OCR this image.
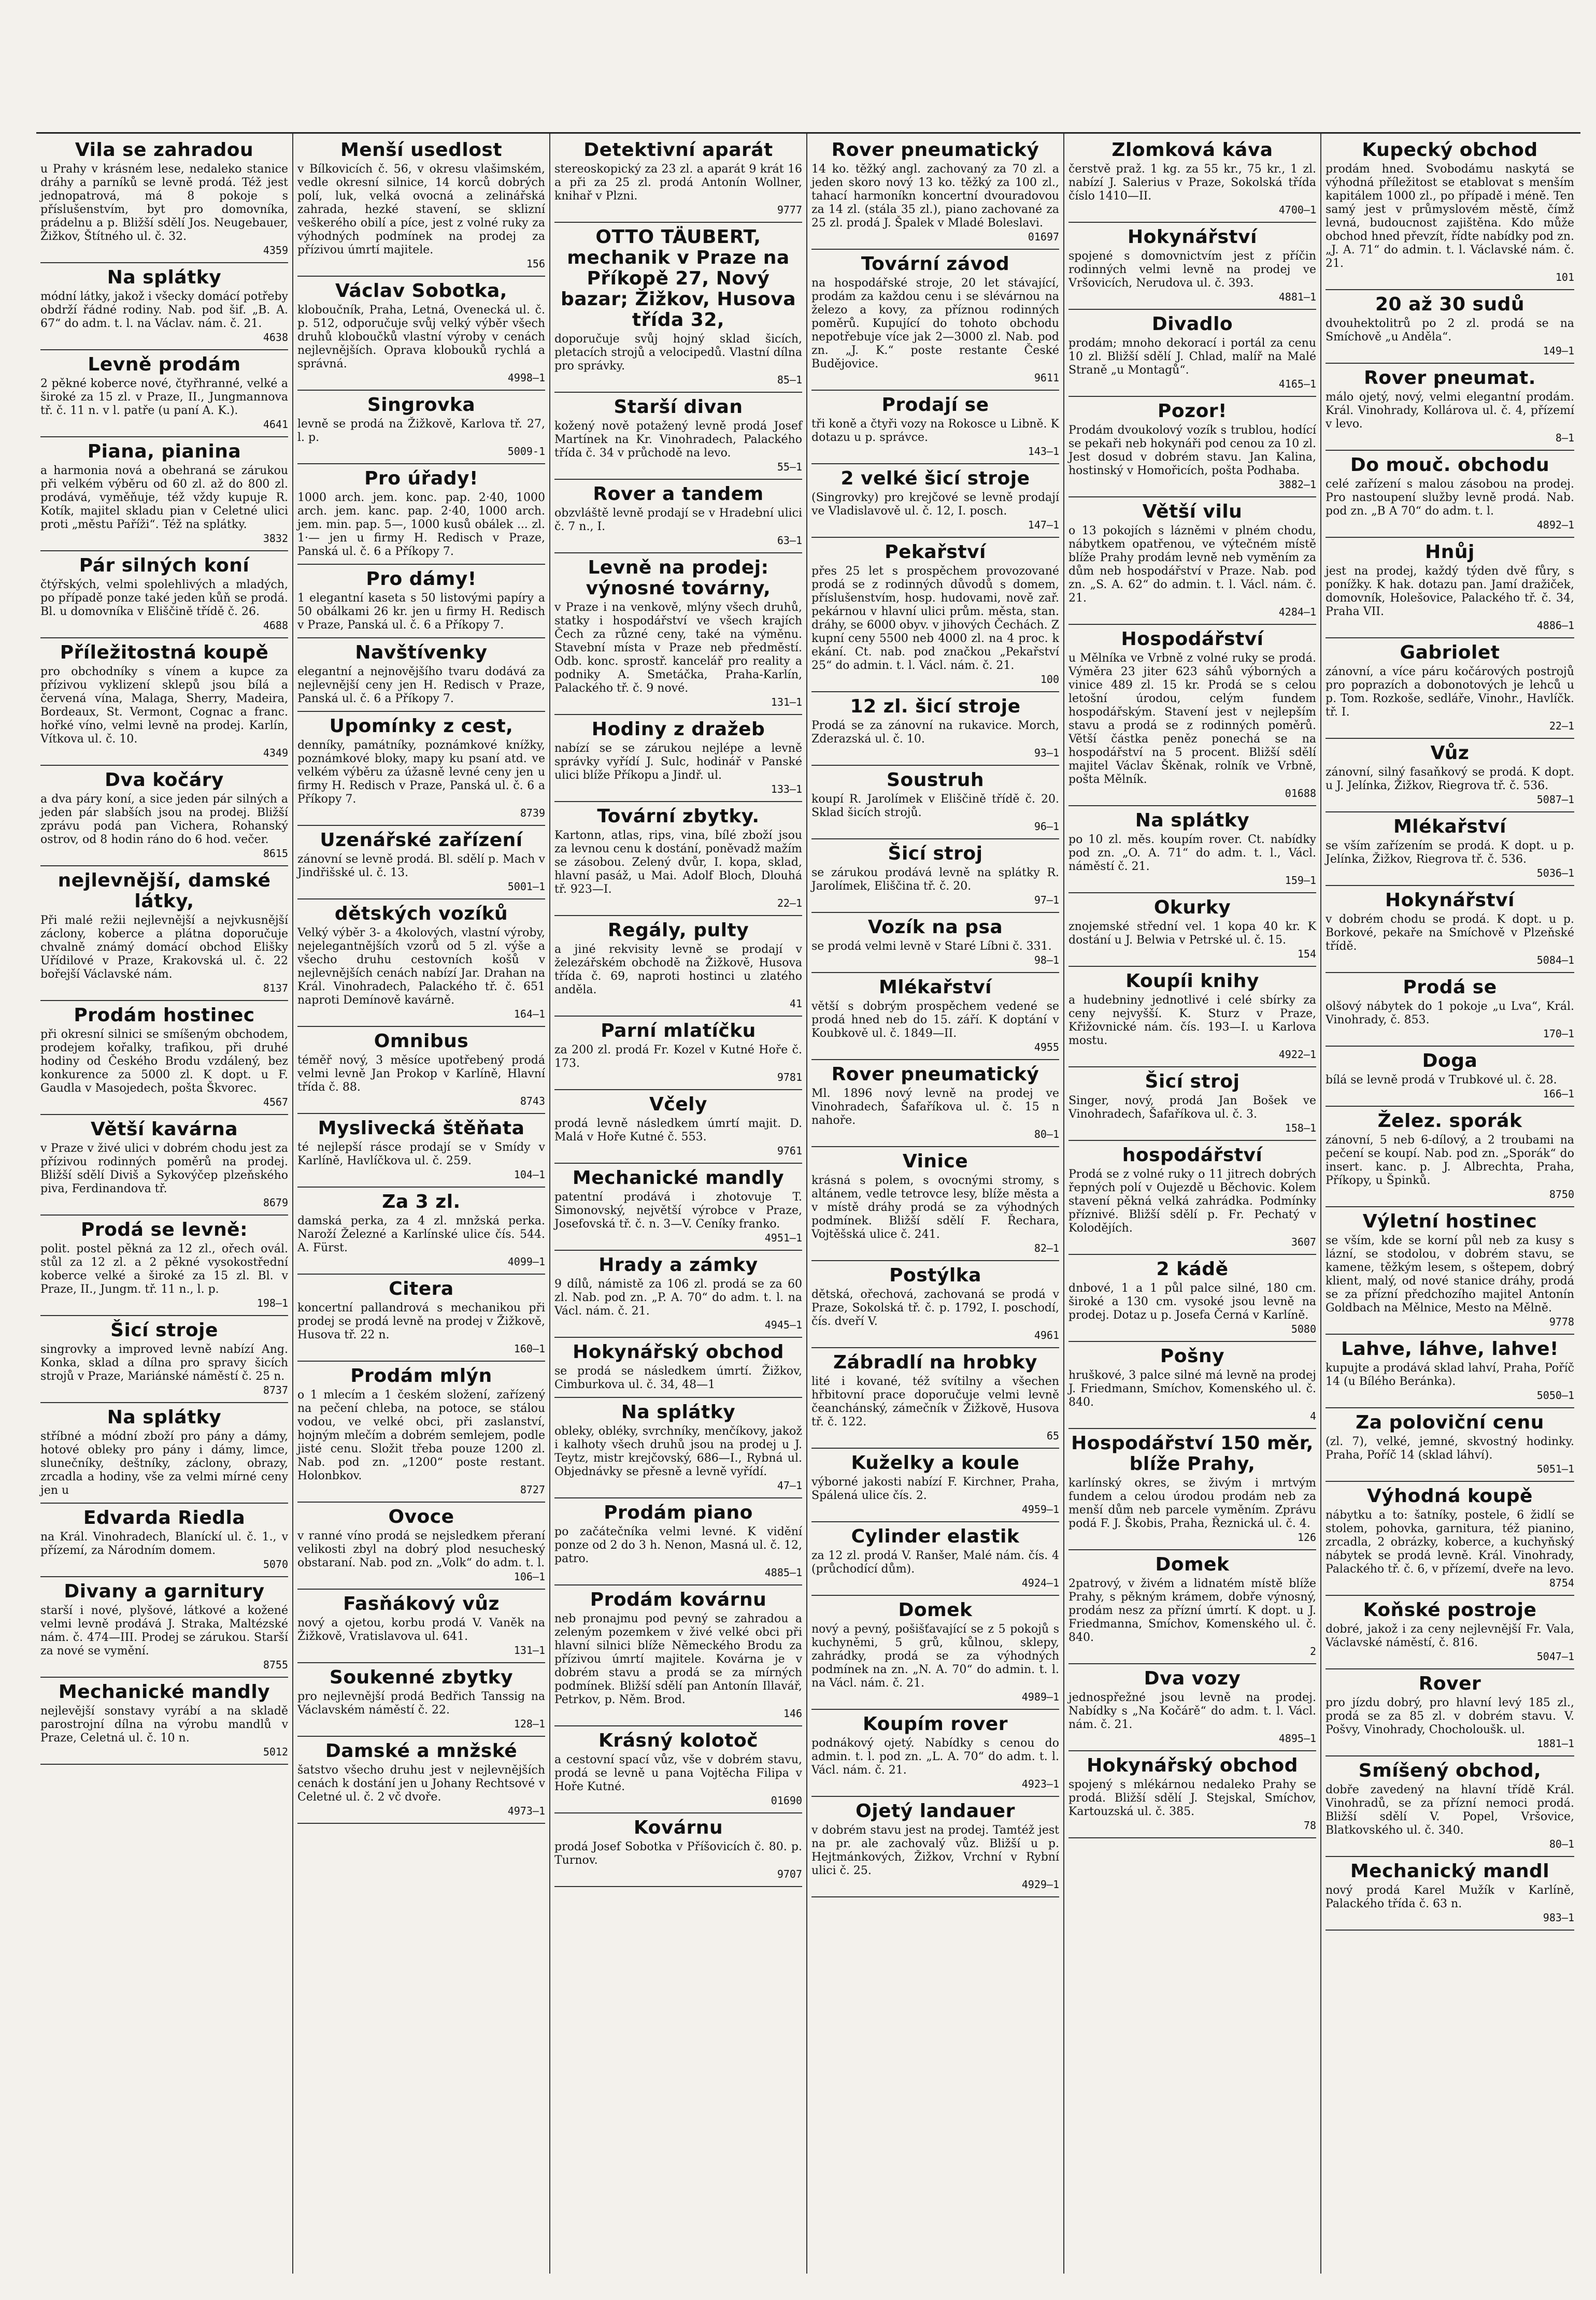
Vila se zahradou

u Prahy v krásném lese, nedaleko stanice dráhy a parníků se levně prodá. Též jest jednopatrová, má 8 pokoje s příslušenstvím, byt pro domovníka, prádelnu a p. Bližší sdělí Jos. Neugebauer, Žižkov, Štítného ul. č. 32.

4359

Na splátky

módní látky, jakož i všecky domácí potřeby obdrží řádné rodiny. Nab. pod šif. „B. A. 67“ do adm. t. l. na Václav. nám. č. 21.

4638

Levně prodám

2 pěkné koberce nové, čtyřhranné, velké a široké za 15 zl. v Praze, II., Jungmannova tř. č. 11 n. v l. patře (u paní A. K.).

4641

Piana, pianina

a harmonia nová a obehraná se zárukou při velkém výběru od 60 zl. až do 800 zl. prodává, vyměňuje, též vždy kupuje R. Kotík, majitel skladu pian v Celetné ulici proti „městu Paříži“. Též na splátky.

3832

Pár silných koní

čtýřských, velmi spolehlivých a mladých, po případě ponze také jeden kůň se prodá. Bl. u domovníka v Eliščině třídě č. 26.

4688

Příležitostná koupě

pro obchodníky s vínem a kupce za přízivou vyklizení sklepů jsou bílá a červená vína, Malaga, Sherry, Madeira, Bordeaux, St. Vermont, Cognac a franc. hořké víno, velmi levně na prodej. Karlín, Vítkova ul. č. 10.

4349

Dva kočáry

a dva páry koní, a sice jeden pár silných a jeden pár slabších jsou na prodej. Bližší zprávu podá pan Vichera, Rohanský ostrov, od 8 hodin ráno do 6 hod. večer.

8615

nejlevnější, damské látky,

Při malé režii nejlevnější a nejvkusnější záclony, koberce a plátna doporučuje chvalně známý domácí obchod Elišky Uřídilové v Praze, Krakovská ul. č. 22 bořejší Václavské nám.

8137

Prodám hostinec

při okresní silnici se smíšeným obchodem, prodejem kořalky, trafikou, při druhé hodiny od Českého Brodu vzdálený, bez konkurence za 5000 zl. K dopt. u F. Gaudla v Masojedech, pošta Škvorec.

4567

Větší kavárna

v Praze v živé ulici v dobrém chodu jest za přízivou rodinných poměrů na prodej. Bližší sdělí Diviš a Sykovýčep plzeňského piva, Ferdinandova tř.

8679

Prodá se levně:

polit. postel pěkná za 12 zl., ořech ovál. stůl za 12 zl. a 2 pěkné vysokostřední koberce velké a široké za 15 zl. Bl. v Praze, II., Jungm. tř. 11 n., l. p.

198—1

Šicí stroje

singrovky a improved levně nabízí Ang. Konka, sklad a dílna pro spravy šicích strojů v Praze, Mariánské náměstí č. 25 n.

8737

Na splátky

stříbné a módní zboží pro pány a dámy, hotové obleky pro pány i dámy, limce, slunečníky, deštníky, záclony, obrazy, zrcadla a hodiny, vše za velmi mírné ceny jen u

Edvarda Riedla

na Král. Vinohradech, Blaníckí ul. č. 1., v přízemí, za Národním domem.

5070

Divany a garnitury

starší i nové, plyšové, látkové a kožené velmi levně prodává J. Straka, Maltézské nám. č. 474—III. Prodej se zárukou. Starší za nové se vymění.

8755

Mechanické mandly

nejlevější sonstavy vyrábí a na skladě parostrojní dílna na výrobu mandlů v Praze, Celetná ul. č. 10 n.

5012

Menší usedlost

v Bílkovicích č. 56, v okresu vlašimském, vedle okresní silnice, 14 korců dobrých polí, luk, velká ovocná a zelinářská zahrada, hezké stavení, se sklizní veškerého obilí a píce, jest z volné ruky za výhodných podmínek na prodej za přízivou úmrtí majitele.

156

Václav Sobotka,

kloboučník, Praha, Letná, Ovenecká ul. č. p. 512, odporučuje svůj velký výběr všech druhů kloboučků vlastní výroby v cenách nejlevnějších. Oprava klobouků rychlá a správná.

4998—1

Singrovka

levně se prodá na Žižkově, Karlova tř. 27, l. p.

5009-1

Pro úřady!

1000 arch. jem. konc. pap. 2·40, 1000 arch. jem. kanc. pap. 2·40, 1000 arch. jem. min. pap. 5—, 1000 kusů obálek ... zl. 1·— jen u firmy H. Redisch v Praze, Panská ul. č. 6 a Příkopy 7.

Pro dámy!

1 elegantní kaseta s 50 listovými papíry a 50 obálkami 26 kr. jen u firmy H. Redisch v Praze, Panská ul. č. 6 a Příkopy 7.

Navštívenky

elegantní a nejnovějšího tvaru dodává za nejlevnější ceny jen H. Redisch v Praze, Panská ul. č. 6 a Příkopy 7.

Upomínky z cest,

denníky, památníky, poznámkové knížky, poznámkové bloky, mapy ku psaní atd. ve velkém výběru za úžasně levné ceny jen u firmy H. Redisch v Praze, Panská ul. č. 6 a Příkopy 7.

8739

Uzenářské zařízení

zánovní se levně prodá. Bl. sdělí p. Mach v Jindřišské ul. č. 13.

5001—1

dětských vozíků

Velký výběr 3- a 4kolových, vlastní výroby, nejelegantnějších vzorů od 5 zl. výše a všecho druhu cestovních košů v nejlevnějších cenách nabízí Jar. Drahan na Král. Vinohradech, Palackého tř. č. 651 naproti Demínově kavárně.

164—1

Omnibus

téměř nový, 3 měsíce upotřebený prodá velmi levně Jan Prokop v Karlíně, Hlavní třída č. 88.

8743

Myslivecká štěňata

té nejlepší rásce prodají se v Smídy v Karlíně, Havlíčkova ul. č. 259.

104—1

Za 3 zl.

damská perka, za 4 zl. mnžská perka. Naroží Železné a Karlínské ulice čís. 544. A. Fürst.

4099—1

Citera

koncertní pallandrová s mechanikou při prodej se prodá levně na prodej v Žižkově, Husova tř. 22 n.

160—1

Prodám mlýn

o 1 mlecím a 1 českém složení, zařízený na pečení chleba, na potoce, se stálou vodou, ve velké obci, při zaslanství, hojným mlečím a dobrém semlejem, podle jisté cenu. Složit třeba pouze 1200 zl. Nab. pod zn. „1200“ poste restant. Holonbkov.

8727

Ovoce

v ranné víno prodá se nejsledkem přeraní velikosti zbyl na dobrý plod nesucheský obstaraní. Nab. pod zn. „Volk“ do adm. t. l.

106—1

Fasňákový vůz

nový a ojetou, korbu prodá V. Vaněk na Žižkově, Vratislavova ul. 641.

131—1

Soukenné zbytky

pro nejlevnější prodá Bedřich Tanssig na Václavském náměstí č. 22.

128—1

Damské a mnžské

šatstvo všecho druhu jest v nejlevnějších cenách k dostání jen u Johany Rechtsové v Celetné ul. č. 2 vč dvoře.

4973—1

Detektivní aparát

stereoskopický za 23 zl. a aparát 9 krát 16 a při za 25 zl. prodá Antonín Wollner, knihař v Plzni.

9777

OTTO TÄUBERT, mechanik v Praze na Příkopě 27, Nový bazar; Žižkov, Husova třída 32,

doporučuje svůj hojný sklad šicích, pletacích strojů a velocipedů. Vlastní dílna pro správky.

85—1

Starší divan

kožený nově potažený levně prodá Josef Martínek na Kr. Vinohradech, Palackého třída č. 34 v průchodě na levo.

55—1

Rover a tandem

obzvláště levně prodají se v Hradební ulici č. 7 n., I.

63—1

Levně na prodej: výnosné továrny,

v Praze i na venkově, mlýny všech druhů, statky i hospodářství ve všech krajích Čech za různé ceny, také na výměnu. Stavební místa v Praze neb předměstí. Odb. konc. sprostř. kancelář pro reality a podniky A. Smetáčka, Praha-Karlín, Palackého tř. č. 9 nové.

131—1

Hodiny z dražeb

nabízí se se zárukou nejlépe a levně správky vyřídí J. Sulc, hodinář v Panské ulici blíže Příkopu a Jindř. ul.

133—1

Tovární zbytky.

Kartonn, atlas, rips, vina, bílé zboží jsou za levnou cenu k dostání, poněvadž mažím se zásobou. Zelený dvůr, I. kopa, sklad, hlavní pasáž, u Mai. Adolf Bloch, Dlouhá tř. 923—I.

22—1

Regály, pulty

a jiné rekvisity levně se prodají v železářském obchodě na Žižkově, Husova třída č. 69, naproti hostinci u zlatého anděla.

41

Parní mlatíčku

za 200 zl. prodá Fr. Kozel v Kutné Hoře č. 173.

9781

Včely

prodá levně následkem úmrtí majit. D. Malá v Hoře Kutné č. 553.

9761

Mechanické mandly

patentní prodává i zhotovuje T. Simonovský, největší výrobce v Praze, Josefovská tř. č. n. 3—V. Ceníky franko.

4951—1

Hrady a zámky

9 dílů, námistě za 106 zl. prodá se za 60 zl. Nab. pod zn. „P. A. 70“ do adm. t. l. na Václ. nám. č. 21.

4945—1

Hokynářský obchod

se prodá se následkem úmrtí. Žižkov, Cimburkova ul. č. 34, 48—1

Na splátky

obleky, obléky, svrchníky, menčíkovy, jakož i kalhoty všech druhů jsou na prodej u J. Teytz, mistr krejčovský, 686—I., Rybná ul. Objednávky se přesně a levně vyřídí.

47—1

Prodám piano

po začátečníka velmi levné. K vidění ponze od 2 do 3 h. Nenon, Masná ul. č. 12, patro.

4885—1

Prodám kovárnu

neb pronajmu pod pevný se zahradou a zeleným pozemkem v živé velké obci při hlavní silnici blíže Německého Brodu za přízivou úmrtí majitele. Kovárna je v dobrém stavu a prodá se za mírných podmínek. Bližší sdělí pan Antonín Illavář, Petrkov, p. Něm. Brod.

146

Krásný kolotoč

a cestovní spací vůz, vše v dobrém stavu, prodá se levně u pana Vojtěcha Filipa v Hoře Kutné.

01690

Kovárnu

prodá Josef Sobotka v Příšovicích č. 80. p. Turnov.

9707

Rover pneumatický

14 ko. těžký angl. zachovaný za 70 zl. a jeden skoro nový 13 ko. těžký za 100 zl., tahací harmoníkn koncertní dvouradovou za 14 zl. (stála 35 zl.), piano zachované za 25 zl. prodá J. Špalek v Mladé Boleslavi.

01697

Tovární závod

na hospodářské stroje, 20 let stávající, prodám za každou cenu i se slévárnou na železo a kovy, za příznou rodinných poměrů. Kupující do tohoto obchodu nepotřebuje více jak 2—3000 zl. Nab. pod zn. „J. K.“ poste restante České Budějovice.

9611

Prodají se

tři koně a čtyři vozy na Rokosce u Libně. K dotazu u p. správce.

143—1

2 velké šicí stroje

(Singrovky) pro krejčové se levně prodají ve Vladislavově ul. č. 12, I. posch.

147—1

Pekařství

přes 25 let s prospěchem provozované prodá se z rodinných důvodů s domem, příslušenstvím, hosp. hudovami, nově zař. pekárnou v hlavní ulici prům. města, stan. dráhy, se 6000 obyv. v jihových Čechách. Z kupní ceny 5500 neb 4000 zl. na 4 proc. k ekání. Ct. nab. pod značkou „Pekařství 25“ do admin. t. l. Václ. nám. č. 21.

100

12 zl. šicí stroje

Prodá se za zánovní na rukavice. Morch, Zderazská ul. č. 10.

93—1

Soustruh

koupí R. Jarolímek v Eliščině třídě č. 20. Sklad šicích strojů.

96—1

Šicí stroj

se zárukou prodává levně na splátky R. Jarolímek, Eliščina tř. č. 20.

97—1

Vozík na psa

se prodá velmi levně v Staré Líbni č. 331.

98—1

Mlékařství

větší s dobrým prospěchem vedené se prodá hned neb do 15. září. K doptání v Koubkově ul. č. 1849—II.

4955

Rover pneumatický

Ml. 1896 nový levně na prodej ve Vinohradech, Šafaříkova ul. č. 15 n nahoře.

80—1

Vinice

krásná s polem, s ovocnými stromy, s altánem, vedle tetrovce lesy, blíže města a v místě dráhy prodá se za výhodných podmínek. Bližší sdělí F. Řechara, Vojtěšská ulice č. 241.

82—1

Postýlka

dětská, ořechová, zachovaná se prodá v Praze, Sokolská tř. č. p. 1792, I. poschodí, čís. dveří V.

4961

Zábradlí na hrobky

lité i kované, též svítilny a všechen hřbitovní prace doporučuje velmi levně čeanchánský, zámečník v Žižkově, Husova tř. č. 122.

65

Kuželky a koule

výborné jakosti nabízí F. Kirchner, Praha, Spálená ulice čís. 2.

4959—1

Cylinder elastik

za 12 zl. prodá V. Ranšer, Malé nám. čís. 4 (průchodící dům).

4924—1

Domek

nový a pevný, pošišťavající se z 5 pokojů s kuchyněmi, 5 grů, kůlnou, sklepy, zahrádky, prodá se za výhodných podmínek na zn. „N. A. 70“ do admin. t. l. na Václ. nám. č. 21.

4989—1

Koupím rover

podnákový ojetý. Nabídky s cenou do admin. t. l. pod zn. „L. A. 70“ do adm. t. l. Václ. nám. č. 21.

4923—1

Ojetý landauer

v dobrém stavu jest na prodej. Tamtéž jest na pr. ale zachovalý vůz. Bližší u p. Hejtmánkových, Žižkov, Vrchní v Rybní ulici č. 25.

4929—1

Zlomková káva

čerstvě praž. 1 kg. za 55 kr., 75 kr., 1 zl. nabízí J. Salerius v Praze, Sokolská třída číslo 1410—II.

4700—1

Hokynářství

spojené s domovnictvím jest z příčin rodinných velmi levně na prodej ve Vršovicích, Nerudova ul. č. 393.

4881—1

Divadlo

prodám; mnoho dekorací i portál za cenu 10 zl. Bližší sdělí J. Chlad, malíř na Malé Straně „u Montagů“.

4165—1

Pozor!

Prodám dvoukolový vozík s trublou, hodící se pekaři neb hokynáři pod cenou za 10 zl. Jest dosud v dobrém stavu. Jan Kalina, hostinský v Homořicích, pošta Podhaba.

3882—1

Větší vilu

o 13 pokojích s lázněmi v plném chodu, nábytkem opatřenou, ve výtečném místě blíže Prahy prodám levně neb vyměním za dům neb hospodářství v Praze. Nab. pod zn. „S. A. 62“ do admin. t. l. Václ. nám. č. 21.

4284—1

Hospodářství

u Mělníka ve Vrbně z volné ruky se prodá. Výměra 23 jiter 623 sáhů výborných a vinice 489 zl. 15 kr. Prodá se s celou letošní úrodou, celým fundem hospodářským. Stavení jest v nejlepším stavu a prodá se z rodinných poměrů. Větší částka peněz ponechá se na hospodářství na 5 procent. Bližší sdělí majitel Václav Škěnak, rolník ve Vrbně, pošta Mělník.

01688

Na splátky

po 10 zl. měs. koupím rover. Ct. nabídky pod zn. „O. A. 71“ do adm. t. l., Václ. náměstí č. 21.

159—1

Okurky

znojemské střední vel. 1 kopa 40 kr. K dostání u J. Belwia v Petrské ul. č. 15.

154

Koupíi knihy

a hudebniny jednotlivé i celé sbírky za ceny nejvyšší. K. Sturz v Praze, Křižovnické nám. čís. 193—I. u Karlova mostu.

4922—1

Šicí stroj

Singer, nový, prodá Jan Bošek ve Vinohradech, Šafaříkova ul. č. 3.

158—1

hospodářství

Prodá se z volné ruky o 11 jitrech dobrých řepných polí v Oujezdě u Běchovic. Kolem stavení pěkná velká zahrádka. Podmínky příznivé. Bližší sdělí p. Fr. Pechatý v Kolodějích.

3607

2 kádě

dnbové, 1 a 1 půl palce silné, 180 cm. široké a 130 cm. vysoké jsou levně na prodej. Dotaz u p. Josefa Černá v Karlíně.

5080

Pošny

hruškové, 3 palce silné má levně na prodej J. Friedmann, Smíchov, Komenského ul. č. 840.

4

Hospodářství 150 měr, blíže Prahy,

karlínský okres, se živým i mrtvým fundem a celou úrodou prodám neb za menší dům neb parcele vyměním. Zprávu podá F. J. Škobis, Praha, Řeznická ul. č. 4.

126

Domek

2patrový, v živém a lidnatém místě blíže Prahy, s pěkným krámem, dobře výnosný, prodám nesz za přízní úmrtí. K dopt. u J. Friedmanna, Smíchov, Komenského ul. č. 840.

2

Dva vozy

jednospřežné jsou levně na prodej. Nabídky s „Na Kočárě“ do adm. t. l. Václ. nám. č. 21.

4895—1

Hokynářský obchod

spojený s mlékárnou nedaleko Prahy se prodá. Bližší sdělí J. Stejskal, Smíchov, Kartouzská ul. č. 385.

78

Kupecký obchod

prodám hned. Svobodámu naskytá se výhodná příležitost se etablovat s menším kapitálem 1000 zl., po případě i méně. Ten samý jest v průmyslovém městě, čímž levná, budoucnost zajištěna. Kdo může obchod hned převzít, řídte nabídky pod zn. „J. A. 71“ do admin. t. l. Václavské nám. č. 21.

101

20 až 30 sudů

dvouhektolitrů po 2 zl. prodá se na Smíchově „u Anděla“.

149—1

Rover pneumat.

málo ojetý, nový, velmi elegantní prodám. Král. Vinohrady, Kollárova ul. č. 4, přízemí v levo.

8—1

Do mouč. obchodu

celé zařízení s malou zásobou na prodej. Pro nastoupení služby levně prodá. Nab. pod zn. „B A 70“ do adm. t. l.

4892—1

Hnůj

jest na prodej, každý týden dvě fůry, s ponížky. K hak. dotazu pan. Jamí dražiček, domovník, Holešovice, Palackého tř. č. 34, Praha VII.

4886—1

Gabriolet

zánovní, a více páru kočárových postrojů pro poprazích a dobonotových je lehců u p. Tom. Rozkoše, sedláře, Vinohr., Havlíčk. tř. I.

22—1

Vůz

zánovní, silný fasaňkový se prodá. K dopt. u J. Jelínka, Žižkov, Riegrova tř. č. 536.

5087—1

Mlékařství

se vším zařízením se prodá. K dopt. u p. Jelínka, Žižkov, Riegrova tř. č. 536.

5036—1

Hokynářství

v dobrém chodu se prodá. K dopt. u p. Borkové, pekaře na Smíchově v Plzeňské třídě.

5084—1

Prodá se

olšový nábytek do 1 pokoje „u Lva“, Král. Vinohrady, č. 853.

170—1

Doga

bílá se levně prodá v Trubkové ul. č. 28.

166—1

Želez. sporák

zánovní, 5 neb 6-dílový, a 2 troubami na pečení se koupí. Nab. pod zn. „Sporák“ do insert. kanc. p. J. Albrechta, Praha, Příkopy, u Špinků.

8750

Výletní hostinec

se vším, kde se korní půl neb za kusy s lázní, se stodolou, v dobrém stavu, se kamene, těžkým lesem, s oštepem, dobrý klient, malý, od nové stanice dráhy, prodá se za přízní předchozího majitel Antonín Goldbach na Mělnice, Mesto na Mělně.

9778

Lahve, láhve, lahve!

kupujte a prodává sklad lahví, Praha, Poříč 14 (u Bílého Beránka).

5050—1

Za poloviční cenu

(zl. 7), velké, jemné, skvostný hodinky. Praha, Poříč 14 (sklad láhví).

5051—1

Výhodná koupě

nábytku a to: šatníky, postele, 6 židlí se stolem, pohovka, garnitura, též pianino, zrcadla, 2 obrázky, koberce, a kuchyňský nábytek se prodá levně. Král. Vinohrady, Palackého tř. č. 6, v přízemí, dveře na levo.

8754

Koňské postroje

dobré, jakož i za ceny nejlevnější Fr. Vala, Václavské náměstí, č. 816.

5047—1

Rover

pro jízdu dobrý, pro hlavní levý 185 zl., prodá se za 85 zl. v dobrém stavu. V. Pošvy, Vinohrady, Chocholoušk. ul.

1881—1

Smíšený obchod,

dobře zavedený na hlavní třídě Král. Vinohradů, se za přízní nemoci prodá. Bližší sdělí V. Popel, Vršovice, Blatkovského ul. č. 340.

80—1

Mechanický mandl

nový prodá Karel Mužík v Karlíně, Palackého třída č. 63 n.

983—1
